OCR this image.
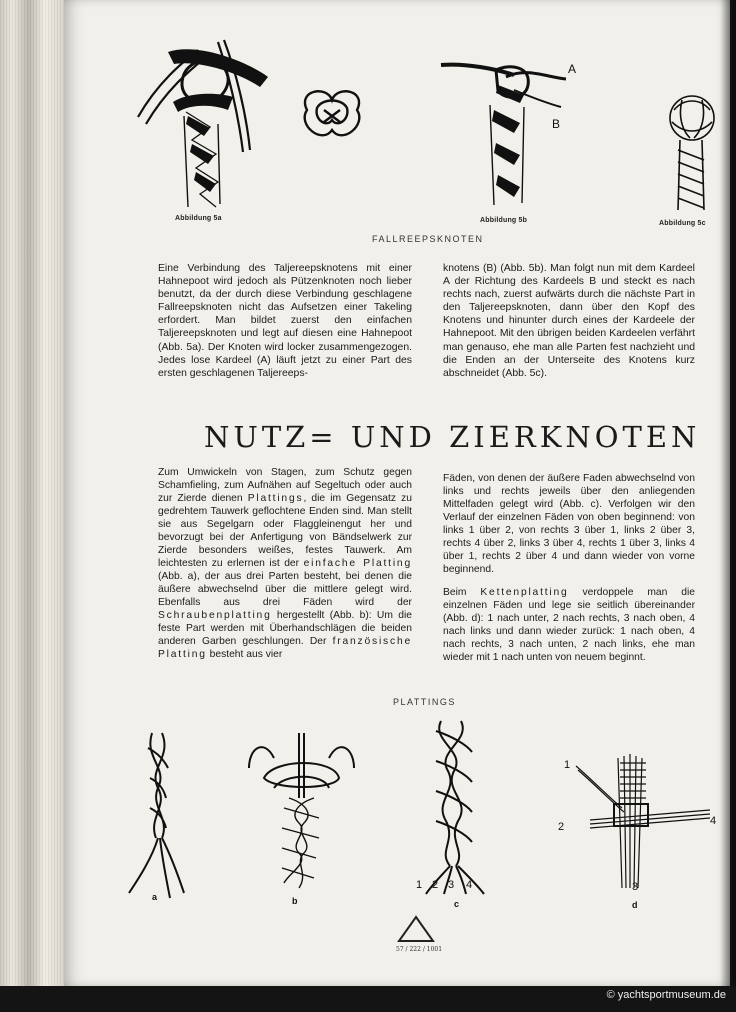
A
B
Abbildung 5a	Abbildung 5b	Abbildung 5c
FALLREEPSKNOTEN

Eine Verbindung des Taljereepsknotens mit einer Hahnepoot wird jedoch als Pützenknoten noch lieber benutzt, da der durch diese Verbindung geschlagene Fallreepsknoten nicht das Aufsetzen einer Takeling erfordert. Man bildet zuerst den einfachen Taljereepsknoten und legt auf diesen eine Hahnepoot (Abb. 5a). Der Knoten wird locker zusammengezogen. Jedes lose Kardeel (A) läuft jetzt zu einer Part des ersten geschlagenen Taljereeps-

knotens (B) (Abb. 5b). Man folgt nun mit dem Kardeel A der Richtung des Kardeels B und steckt es nach rechts nach, zuerst aufwärts durch die nächste Part in den Taljereepsknoten, dann über den Kopf des Knotens und hinunter durch eines der Kardeele der Hahnepoot. Mit den übrigen beiden Kardeelen verfährt man genauso, ehe man alle Parten fest nachzieht und die Enden an der Unterseite des Knotens kurz abschneidet (Abb. 5c).

NUTZ= UND ZIERKNOTEN

Zum Umwickeln von Stagen, zum Schutz gegen Schamfieling, zum Aufnähen auf Segeltuch oder auch zur Zierde dienen Plattings, die im Gegensatz zu gedrehtem Tauwerk geflochtene Enden sind. Man stellt sie aus Segelgarn oder Flaggleinengut her und bevorzugt bei der Anfertigung von Bändselwerk zur Zierde besonders weißes, festes Tauwerk. Am leichtesten zu erlernen ist der einfache Platting (Abb. a), der aus drei Parten besteht, bei denen die äußere abwechselnd über die mittlere gelegt wird. Ebenfalls aus drei Fäden wird der Schraubenplatting hergestellt (Abb. b): Um die feste Part werden mit Überhandschlägen die beiden anderen Garben geschlungen. Der französische Platting besteht aus vier

Fäden, von denen der äußere Faden abwechselnd von links und rechts jeweils über den anliegenden Mittelfaden gelegt wird (Abb. c). Verfolgen wir den Verlauf der einzelnen Fäden von oben beginnend: von links 1 über 2, von rechts 3 über 1, links 2 über 3, rechts 4 über 2, links 3 über 4, rechts 1 über 3, links 4 über 1, rechts 2 über 4 und dann wieder von vorne beginnend.

Beim Kettenplatting verdoppele man die einzelnen Fäden und lege sie seitlich übereinander (Abb. d): 1 nach unter, 2 nach rechts, 3 nach oben, 4 nach links und dann wieder zurück: 1 nach oben, 4 nach rechts, 3 nach unten, 2 nach links, ehe man wieder mit 1 nach unten von neuem beginnt.

PLATTINGS
a	b
1 2 3 4
c
1
2
3
4
d
57 / 222 / 1001
© yachtsportmuseum.de
